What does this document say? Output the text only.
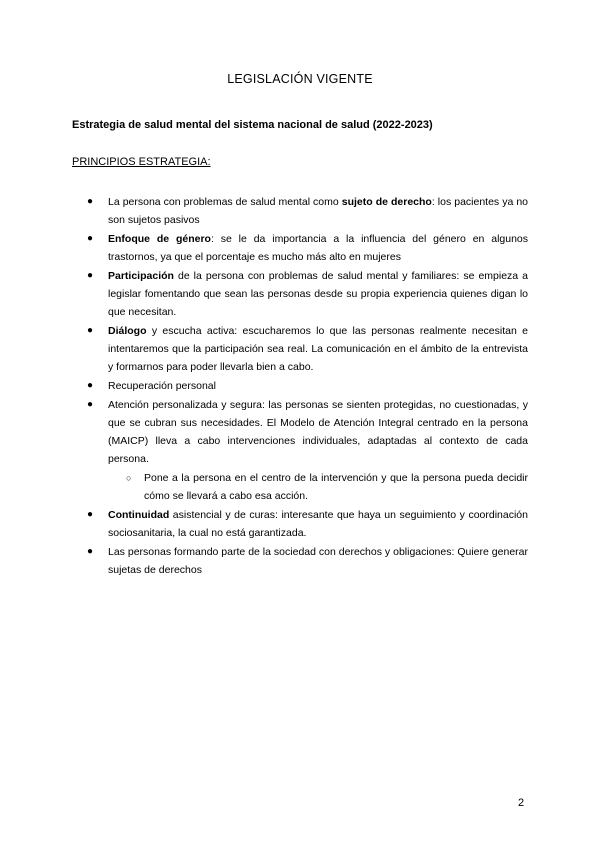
LEGISLACIÓN VIGENTE
Estrategia de salud mental del sistema nacional de salud (2022-2023)
PRINCIPIOS ESTRATEGIA:
● La persona con problemas de salud mental como sujeto de derecho: los pacientes ya no son sujetos pasivos
● Enfoque de género: se le da importancia a la influencia del género en algunos trastornos, ya que el porcentaje es mucho más alto en mujeres
● Participación de la persona con problemas de salud mental y familiares: se empieza a legislar fomentando que sean las personas desde su propia experiencia quienes digan lo que necesitan.
● Diálogo y escucha activa: escucharemos lo que las personas realmente necesitan e intentaremos que la participación sea real. La comunicación en el ámbito de la entrevista y formarnos para poder llevarla bien a cabo.
● Recuperación personal
● Atención personalizada y segura: las personas se sienten protegidas, no cuestionadas, y que se cubran sus necesidades. El Modelo de Atención Integral centrado en la persona (MAICP) lleva a cabo intervenciones individuales, adaptadas al contexto de cada persona.
○ Pone a la persona en el centro de la intervención y que la persona pueda decidir cómo se llevará a cabo esa acción.
● Continuidad asistencial y de curas: interesante que haya un seguimiento y coordinación sociosanitaria, la cual no está garantizada.
● Las personas formando parte de la sociedad con derechos y obligaciones: Quiere generar sujetas de derechos
2
